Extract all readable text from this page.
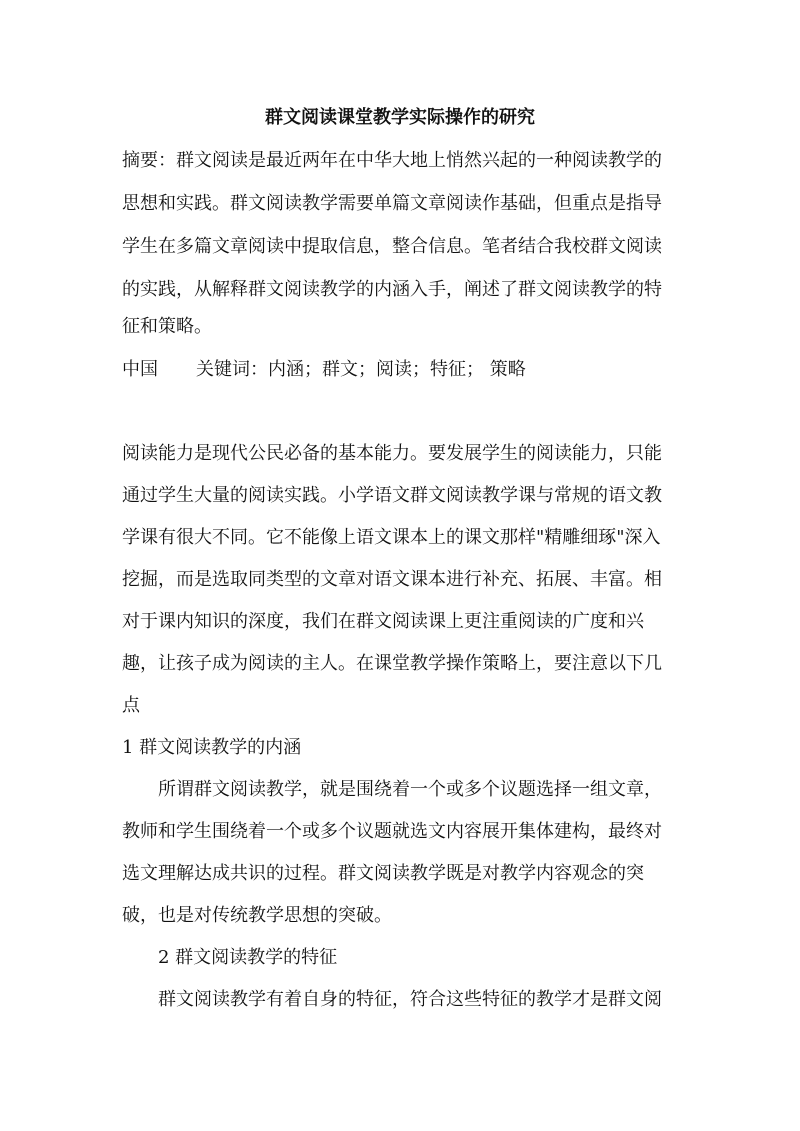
群文阅读课堂教学实际操作的研究
摘要：群文阅读是最近两年在中华大地上悄然兴起的一种阅读教学的
思想和实践。群文阅读教学需要单篇文章阅读作基础，但重点是指导
学生在多篇文章阅读中提取信息，整合信息。笔者结合我校群文阅读
的实践，从解释群文阅读教学的内涵入手，阐述了群文阅读教学的特
征和策略。
中国 关键词：内涵；群文；阅读；特征； 策略
阅读能力是现代公民必备的基本能力。要发展学生的阅读能力，只能
通过学生大量的阅读实践。小学语文群文阅读教学课与常规的语文教
学课有很大不同。它不能像上语文课本上的课文那样"精雕细琢"深入
挖掘，而是选取同类型的文章对语文课本进行补充、拓展、丰富。相
对于课内知识的深度，我们在群文阅读课上更注重阅读的广度和兴
趣，让孩子成为阅读的主人。在课堂教学操作策略上，要注意以下几
点
1 群文阅读教学的内涵
所谓群文阅读教学，就是围绕着一个或多个议题选择一组文章，
教师和学生围绕着一个或多个议题就选文内容展开集体建构，最终对
选文理解达成共识的过程。群文阅读教学既是对教学内容观念的突
破，也是对传统教学思想的突破。
2 群文阅读教学的特征
群文阅读教学有着自身的特征，符合这些特征的教学才是群文阅
